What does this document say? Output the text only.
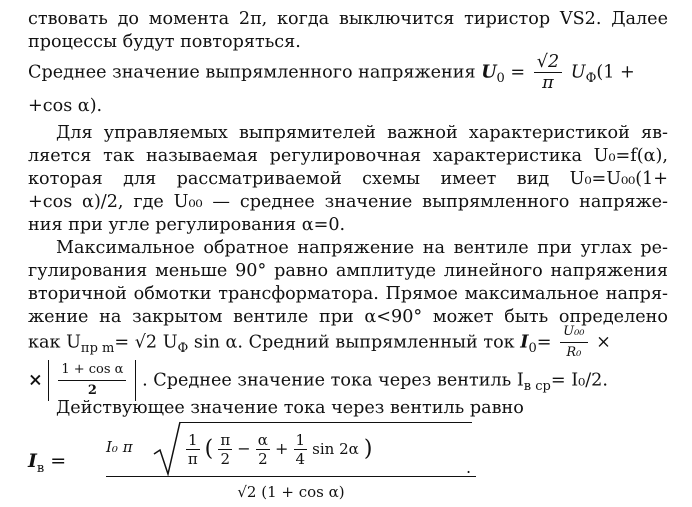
ствовать до момента 2π, когда выключится тиристор VS2. Далее
процессы будут повторяться.
Среднее значение выпрямленного напряжения $U_0 = \frac{√2}{\pi} U_Ф(1$ +
+cos α).
Для управляемых выпрямителей важной характеристикой яв-
ляется так называемая регулировочная характеристика U₀=f(α),
которая для рассматриваемой схемы имеет вид U₀=U₀₀(1+
+cos α)/2, где U₀₀ — среднее значение выпрямленного напряже-
ния при угле регулирования α=0.
Максимальное обратное напряжение на вентиле при углах ре-
гулирования меньше 90° равно амплитуде линейного напряжения
вторичной обмотки трансформатора. Прямое максимальное напря-
жение на закрытом вентиле при α<90° может быть определено
как $U_{пр m}= √2$ $U_Ф$ sin α. Средний выпрямленный ток $I_0= \frac{\text{U₀₀}}{\text{R₀}}$ ×
× $\frac{\text{1 + cos α}}{2}$ . Среднее значение тока через вентиль $I_{в ср}= I_0/2$.
Действующее значение тока через вентиль равно
$I_в$ =
I₀ π	$\frac{1}{\pi}$ ( $\frac{\pi}{2} - \frac{\alpha}{2} + \frac{1}{4}$ sin 2α )
√2 (1 + cos α)
.
